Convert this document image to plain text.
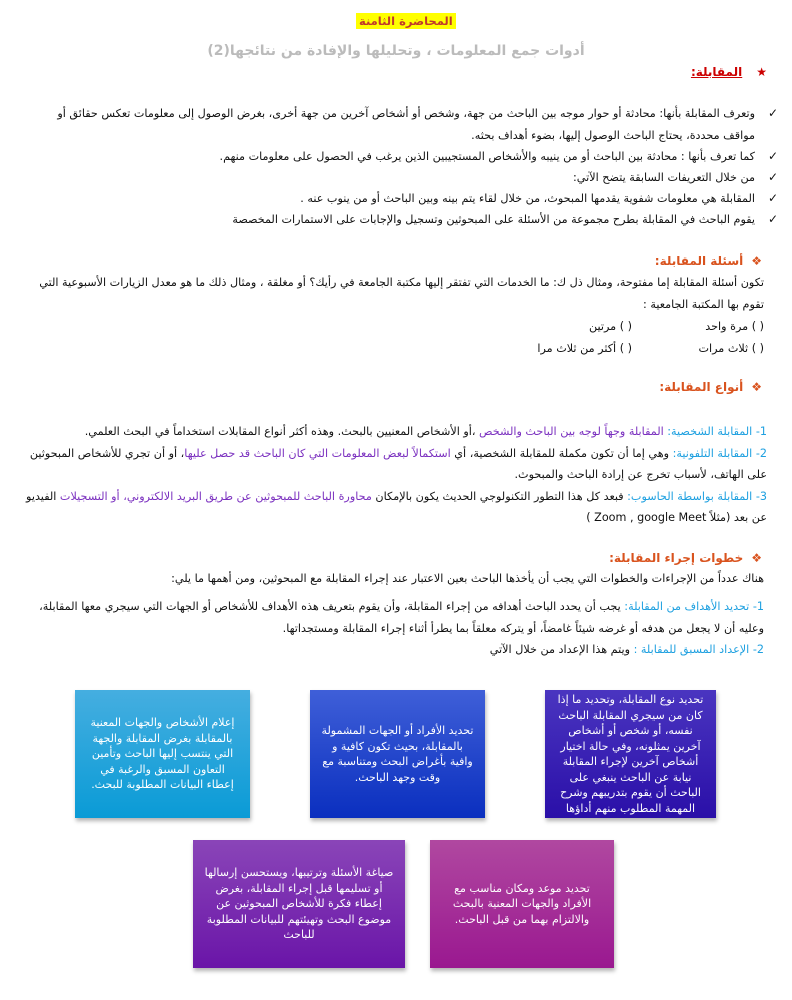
المحاضرة الثامنة
أدوات جمع المعلومات ، وتحليلها والإفادة من نتائجها(2)
★المقابلة:
✓
وتعرف المقابلة بأنها: محادثة أو حوار موجه بين الباحث من جهة، وشخص أو أشخاص آخرين من جهة أخرى، بغرض الوصول إلى معلومات تعكس حقائق أو مواقف محددة، يحتاج الباحث الوصول إليها، بضوء أهداف بحثه.
✓
كما تعرف بأنها : محادثة بين الباحث أو من ينيبه والأشخاص المستجيبين الذين يرغب في الحصول على معلومات منهم.
✓
من خلال التعريفات السابقة يتضح الآتي:
✓
المقابلة هي معلومات شفوية يقدمها المبحوث، من خلال لقاء يتم بينه وبين الباحث أو من ينوب عنه .
✓
يقوم الباحث في المقابلة بطرح مجموعة من الأسئلة على المبحوثين وتسجيل والإجابات على الاستمارات المخصصة
❖أسئلة المقابلة:
تكون أسئلة المقابلة إما مفتوحة، ومثال ذل ك: ما الخدمات التي تفتقر إليها مكتبة الجامعة في رأيك؟ أو مغلقة ، ومثال ذلك ما هو معدل الزيارات الأسبوعية التي تقوم بها المكتبة الجامعية :
( ) مرة واحد
( ) مرتين
( ) ثلاث مرات
( ) أكثر من ثلاث مرا
❖أنواع المقابلة:
1- المقابلة الشخصية: المقابلة وجهاً لوجه بين الباحث والشخص ،أو الأشخاص المعنيين بالبحث. وهذه أكثر أنواع المقابلات استخداماً في البحث العلمي.
2- المقابلة التلفونية: وهي إما أن تكون مكملة للمقابلة الشخصية، أي استكمالاً لبعض المعلومات التي كان الباحث قد حصل عليها، أو أن تجري للأشخاص المبحوثين على الهاتف، لأسباب تخرج عن إرادة الباحث والمبحوث.
3- المقابلة بواسطة الحاسوب: فبعد كل هذا التطور التكنولوجي الحديث يكون بالإمكان محاورة الباحث للمبحوثين عن طريق البريد الالكتروني، أو التسجيلات الفيديو عن بعد (مثلاً Zoom , google Meet )
❖خطوات إجراء المقابلة:
هناك عدداً من الإجراءات والخطوات التي يجب أن يأخذها الباحث بعين الاعتبار عند إجراء المقابلة مع المبحوثين، ومن أهمها ما يلي:
1- تحديد الأهداف من المقابلة: يجب أن يحدد الباحث أهدافه من إجراء المقابلة، وأن يقوم بتعريف هذه الأهداف للأشخاص أو الجهات التي سيجري معها المقابلة، وعليه أن لا يجعل من هدفه أو غرضه شيئاً غامضاً، أو يتركه معلقاً بما يطرأ أثناء إجراء المقابلة ومستجداتها.
2- الإعداد المسبق للمقابلة : ويتم هذا الإعداد من خلال الآتي
تحديد نوع المقابلة، وتحديد ما إذا كان من سيجري المقابلة الباحث نفسه، أو شخص أو أشخاص آخرين يمثلونه، وفي حالة اختيار أشخاص آخرين لإجراء المقابلة نيابة عن الباحث ينبغي على الباحث أن يقوم بتدريبهم وشرح المهمة المطلوب منهم أداؤها
تحديد الأفراد أو الجهات المشمولة بالمقابلة، بحيث تكون كافية و وافية بأغراض البحث ومتناسبة مع وقت وجهد الباحث.
إعلام الأشخاص والجهات المعنية بالمقابلة بغرض المقابلة والجهة التي ينتسب إليها الباحث وتأمين التعاون المسبق والرغبة في إعطاء البيانات المطلوبة للبحث.
تحديد موعد ومكان مناسب مع الأفراد والجهات المعنية بالبحث والالتزام بهما من قبل الباحث.
صياغة الأسئلة وترتيبها، ويستحسن إرسالها أو تسليمها قبل إجراء المقابلة، بغرض إعطاء فكرة للأشخاص المبحوثين عن موضوع البحث وتهيئتهم للبيانات المطلوبة للباحث
